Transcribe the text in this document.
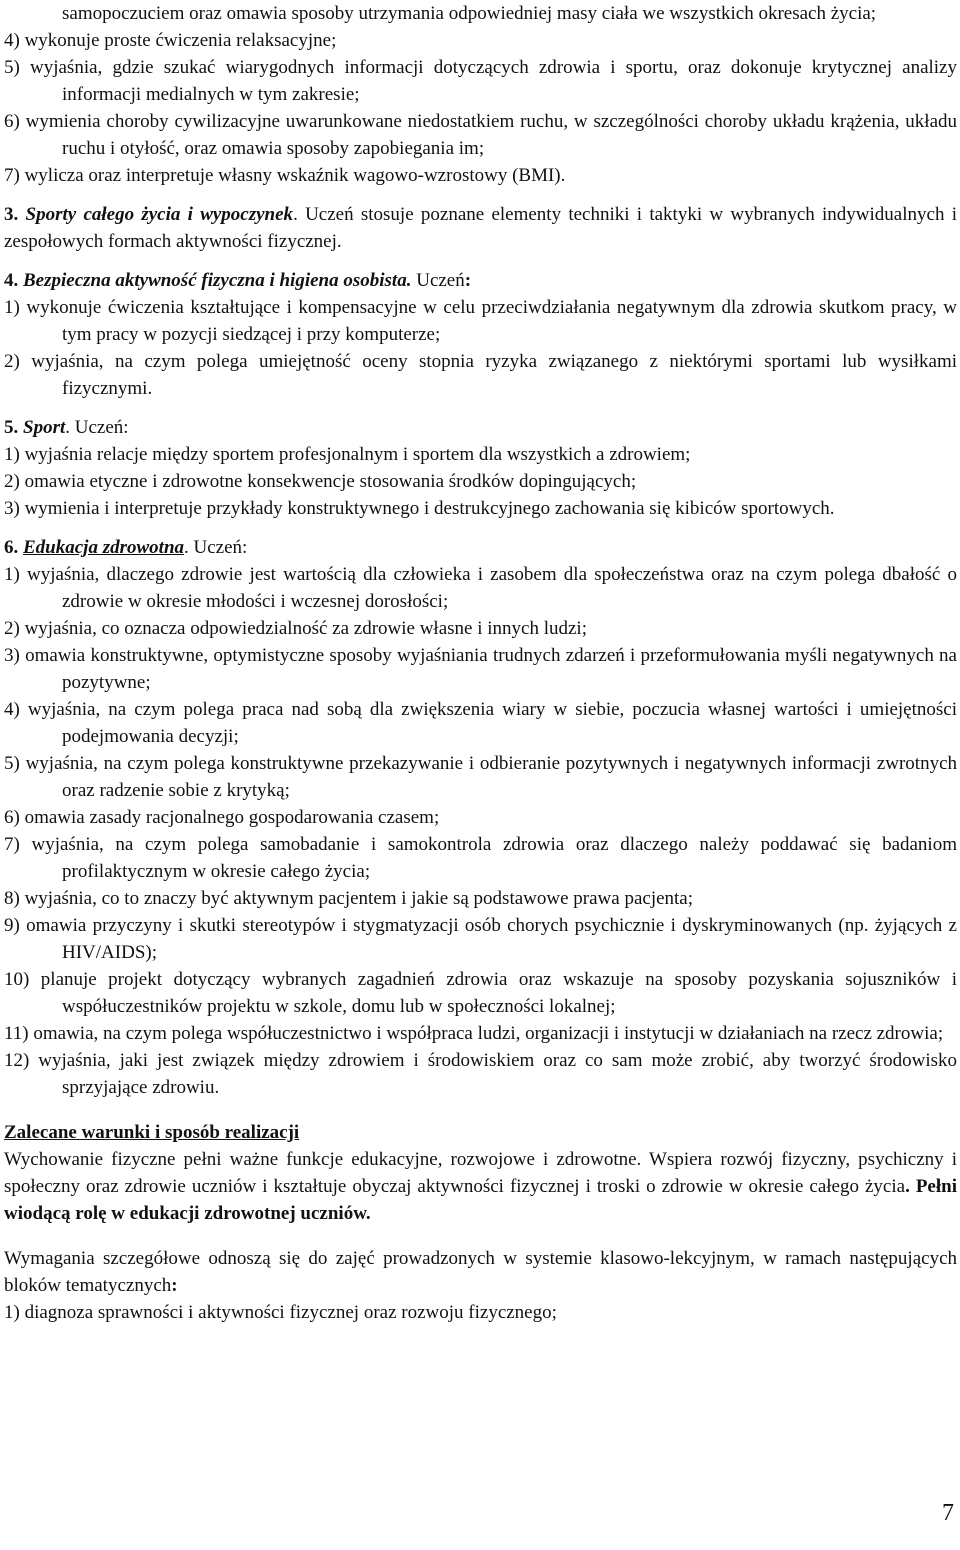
samopoczuciem oraz omawia sposoby utrzymania odpowiedniej masy ciała we wszystkich okresach życia;

4) wykonuje proste ćwiczenia relaksacyjne;

5) wyjaśnia, gdzie szukać wiarygodnych informacji dotyczących zdrowia i sportu, oraz dokonuje krytycznej analizy informacji medialnych w tym zakresie;

6) wymienia choroby cywilizacyjne uwarunkowane niedostatkiem ruchu, w szczególności choroby układu krążenia, układu ruchu i otyłość, oraz omawia sposoby zapobiegania im;

7) wylicza oraz interpretuje własny wskaźnik wagowo-wzrostowy (BMI).

3. Sporty całego życia i wypoczynek. Uczeń stosuje poznane elementy techniki i taktyki w wybranych indywidualnych i zespołowych formach aktywności fizycznej.

4. Bezpieczna aktywność fizyczna i higiena osobista. Uczeń:

1) wykonuje ćwiczenia kształtujące i kompensacyjne w celu przeciwdziałania negatywnym dla zdrowia skutkom pracy, w tym pracy w pozycji siedzącej i przy komputerze;

2) wyjaśnia, na czym polega umiejętność oceny stopnia ryzyka związanego z niektórymi sportami lub wysiłkami fizycznymi.

5. Sport. Uczeń:

1) wyjaśnia relacje między sportem profesjonalnym i sportem dla wszystkich a zdrowiem;

2) omawia etyczne i zdrowotne konsekwencje stosowania środków dopingujących;

3) wymienia i interpretuje przykłady konstruktywnego i destrukcyjnego zachowania się kibiców sportowych.

6. Edukacja zdrowotna. Uczeń:

1) wyjaśnia, dlaczego zdrowie jest wartością dla człowieka i zasobem dla społeczeństwa oraz na czym polega dbałość o zdrowie w okresie młodości i wczesnej dorosłości;

2) wyjaśnia, co oznacza odpowiedzialność za zdrowie własne i innych ludzi;

3) omawia konstruktywne, optymistyczne sposoby wyjaśniania trudnych zdarzeń i przeformułowania myśli negatywnych na pozytywne;

4) wyjaśnia, na czym polega praca nad sobą dla zwiększenia wiary w siebie, poczucia własnej wartości i umiejętności podejmowania decyzji;

5) wyjaśnia, na czym polega konstruktywne przekazywanie i odbieranie pozytywnych i negatywnych informacji zwrotnych oraz radzenie sobie z krytyką;

6) omawia zasady racjonalnego gospodarowania czasem;

7) wyjaśnia, na czym polega samobadanie i samokontrola zdrowia oraz dlaczego należy poddawać się badaniom profilaktycznym w okresie całego życia;

8) wyjaśnia, co to znaczy być aktywnym pacjentem i jakie są podstawowe prawa pacjenta;

9) omawia przyczyny i skutki stereotypów i stygmatyzacji osób chorych psychicznie i dyskryminowanych (np. żyjących z HIV/AIDS);

10) planuje projekt dotyczący wybranych zagadnień zdrowia oraz wskazuje na sposoby pozyskania sojuszników i współuczestników projektu w szkole, domu lub w społeczności lokalnej;

11) omawia, na czym polega współuczestnictwo i współpraca ludzi, organizacji i instytucji w działaniach na rzecz zdrowia;

12) wyjaśnia, jaki jest związek między zdrowiem i środowiskiem oraz co sam może zrobić, aby tworzyć środowisko sprzyjające zdrowiu.

Zalecane warunki i sposób realizacji

Wychowanie fizyczne pełni ważne funkcje edukacyjne, rozwojowe i zdrowotne. Wspiera rozwój fizyczny, psychiczny i społeczny oraz zdrowie uczniów i kształtuje obyczaj aktywności fizycznej i troski o zdrowie w okresie całego życia. Pełni wiodącą rolę w edukacji zdrowotnej uczniów.

Wymagania szczegółowe odnoszą się do zajęć prowadzonych w systemie klasowo-lekcyjnym, w ramach następujących bloków tematycznych:

1) diagnoza sprawności i aktywności fizycznej oraz rozwoju fizycznego;

7
